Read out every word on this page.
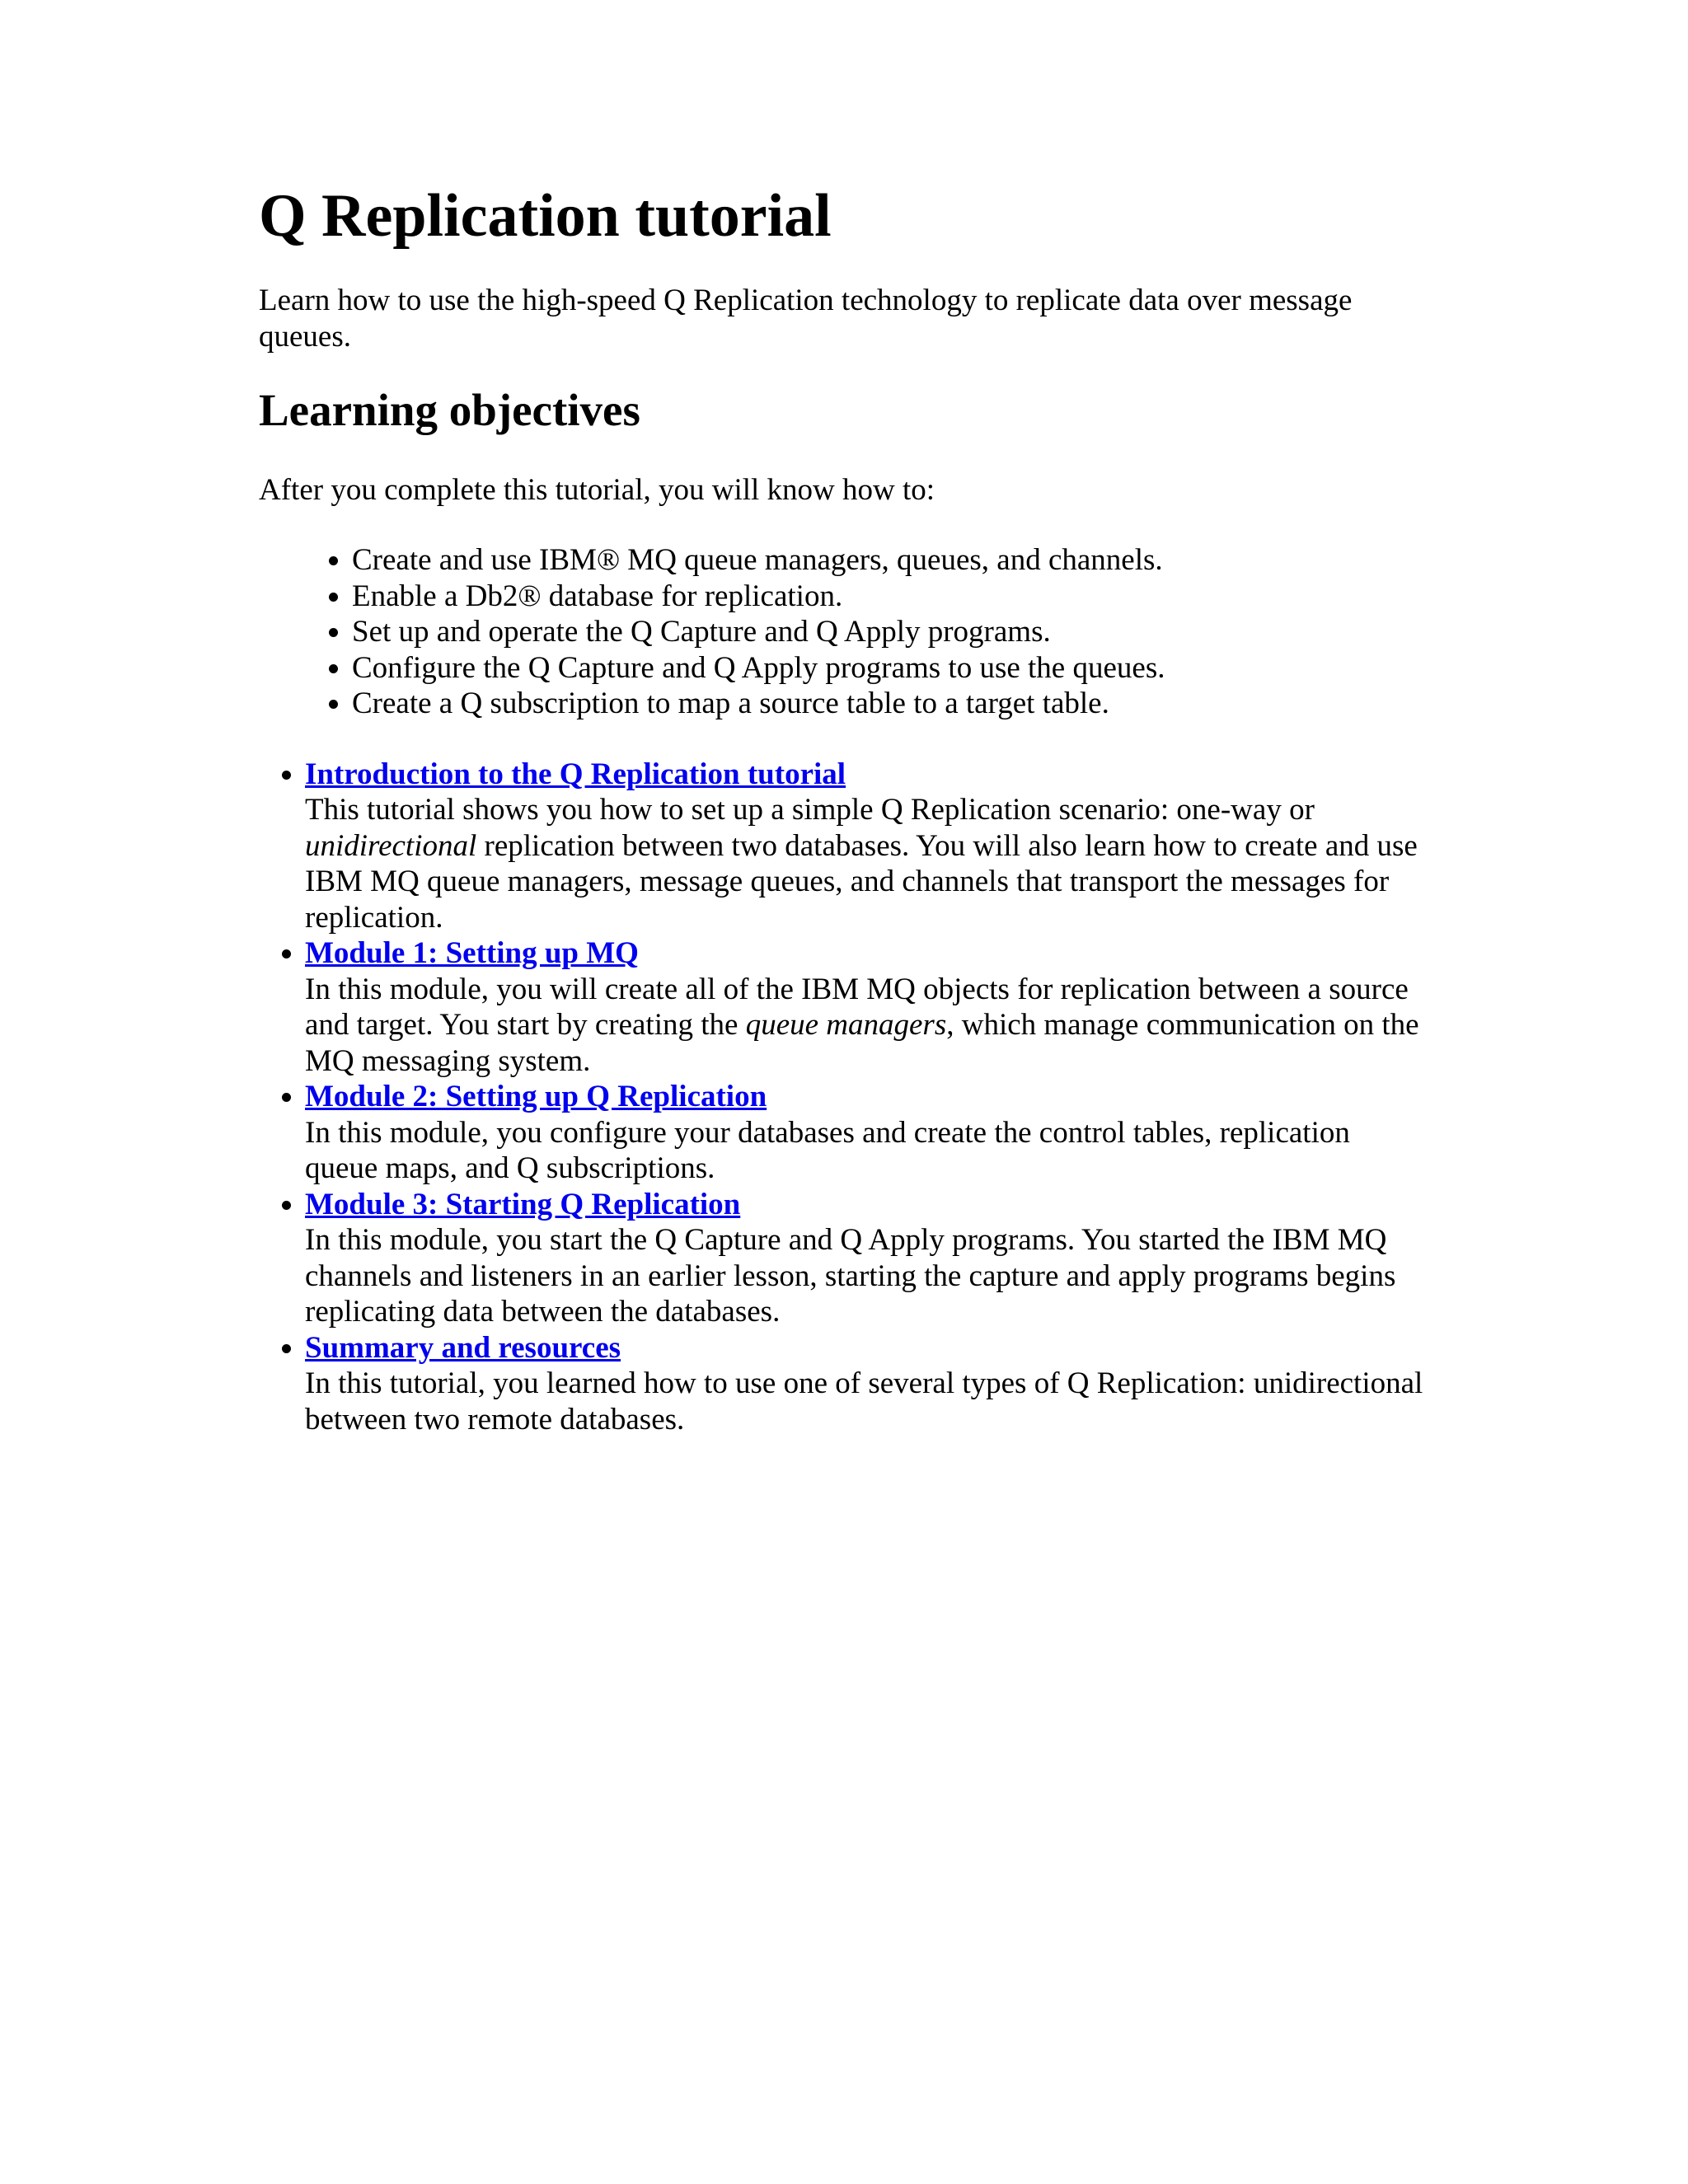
Q Replication tutorial

Learn how to use the high-speed Q Replication technology to replicate data over message queues.

Learning objectives

After you complete this tutorial, you will know how to:

• Create and use IBM® MQ queue managers, queues, and channels.
• Enable a Db2® database for replication.
• Set up and operate the Q Capture and Q Apply programs.
• Configure the Q Capture and Q Apply programs to use the queues.
• Create a Q subscription to map a source table to a target table.
• Introduction to the Q Replication tutorial
This tutorial shows you how to set up a simple Q Replication scenario: one-way or unidirectional replication between two databases. You will also learn how to create and use IBM MQ queue managers, message queues, and channels that transport the messages for replication.
• Module 1: Setting up MQ
In this module, you will create all of the IBM MQ objects for replication between a source and target. You start by creating the queue managers, which manage communication on the MQ messaging system.
• Module 2: Setting up Q Replication
In this module, you configure your databases and create the control tables, replication queue maps, and Q subscriptions.
• Module 3: Starting Q Replication
In this module, you start the Q Capture and Q Apply programs. You started the IBM MQ channels and listeners in an earlier lesson, starting the capture and apply programs begins replicating data between the databases.
• Summary and resources
In this tutorial, you learned how to use one of several types of Q Replication: unidirectional between two remote databases.
